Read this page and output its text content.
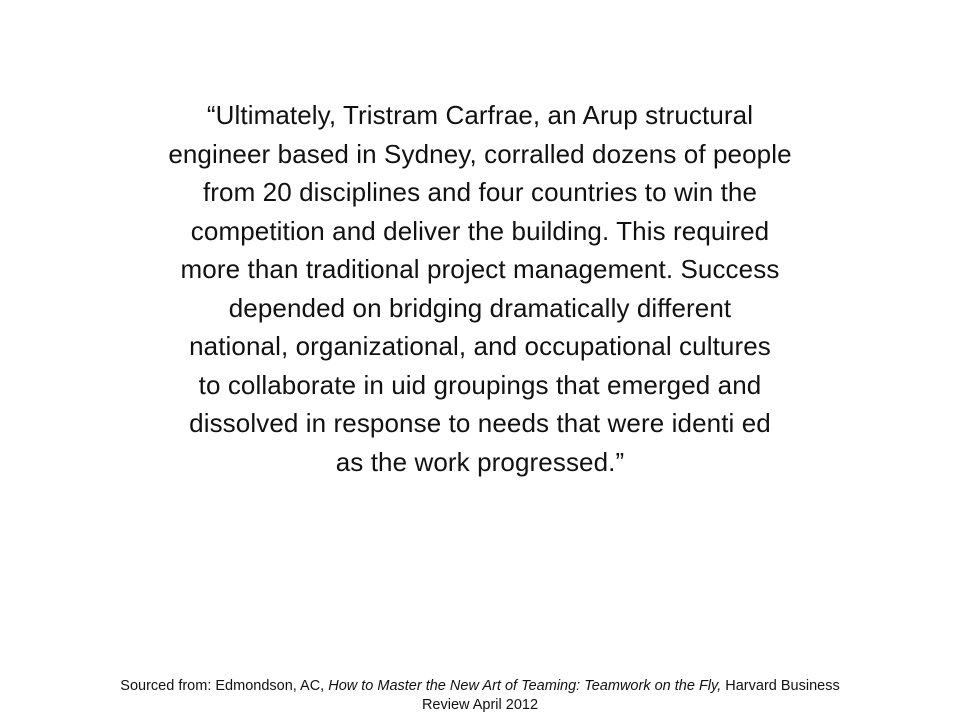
“Ultimately, Tristram Carfrae, an Arup structural
engineer based in Sydney, corralled dozens of people
from 20 disciplines and four countries to win the
competition and deliver the building. This required
more than traditional project management. Success
depended on bridging dramatically different
national, organizational, and occupational cultures
to collaborate in uid groupings that emerged and
dissolved in response to needs that were identi ed
as the work progressed.”
Sourced from: Edmondson, AC, How to Master the New Art of Teaming: Teamwork on the Fly, Harvard Business
Review April 2012
